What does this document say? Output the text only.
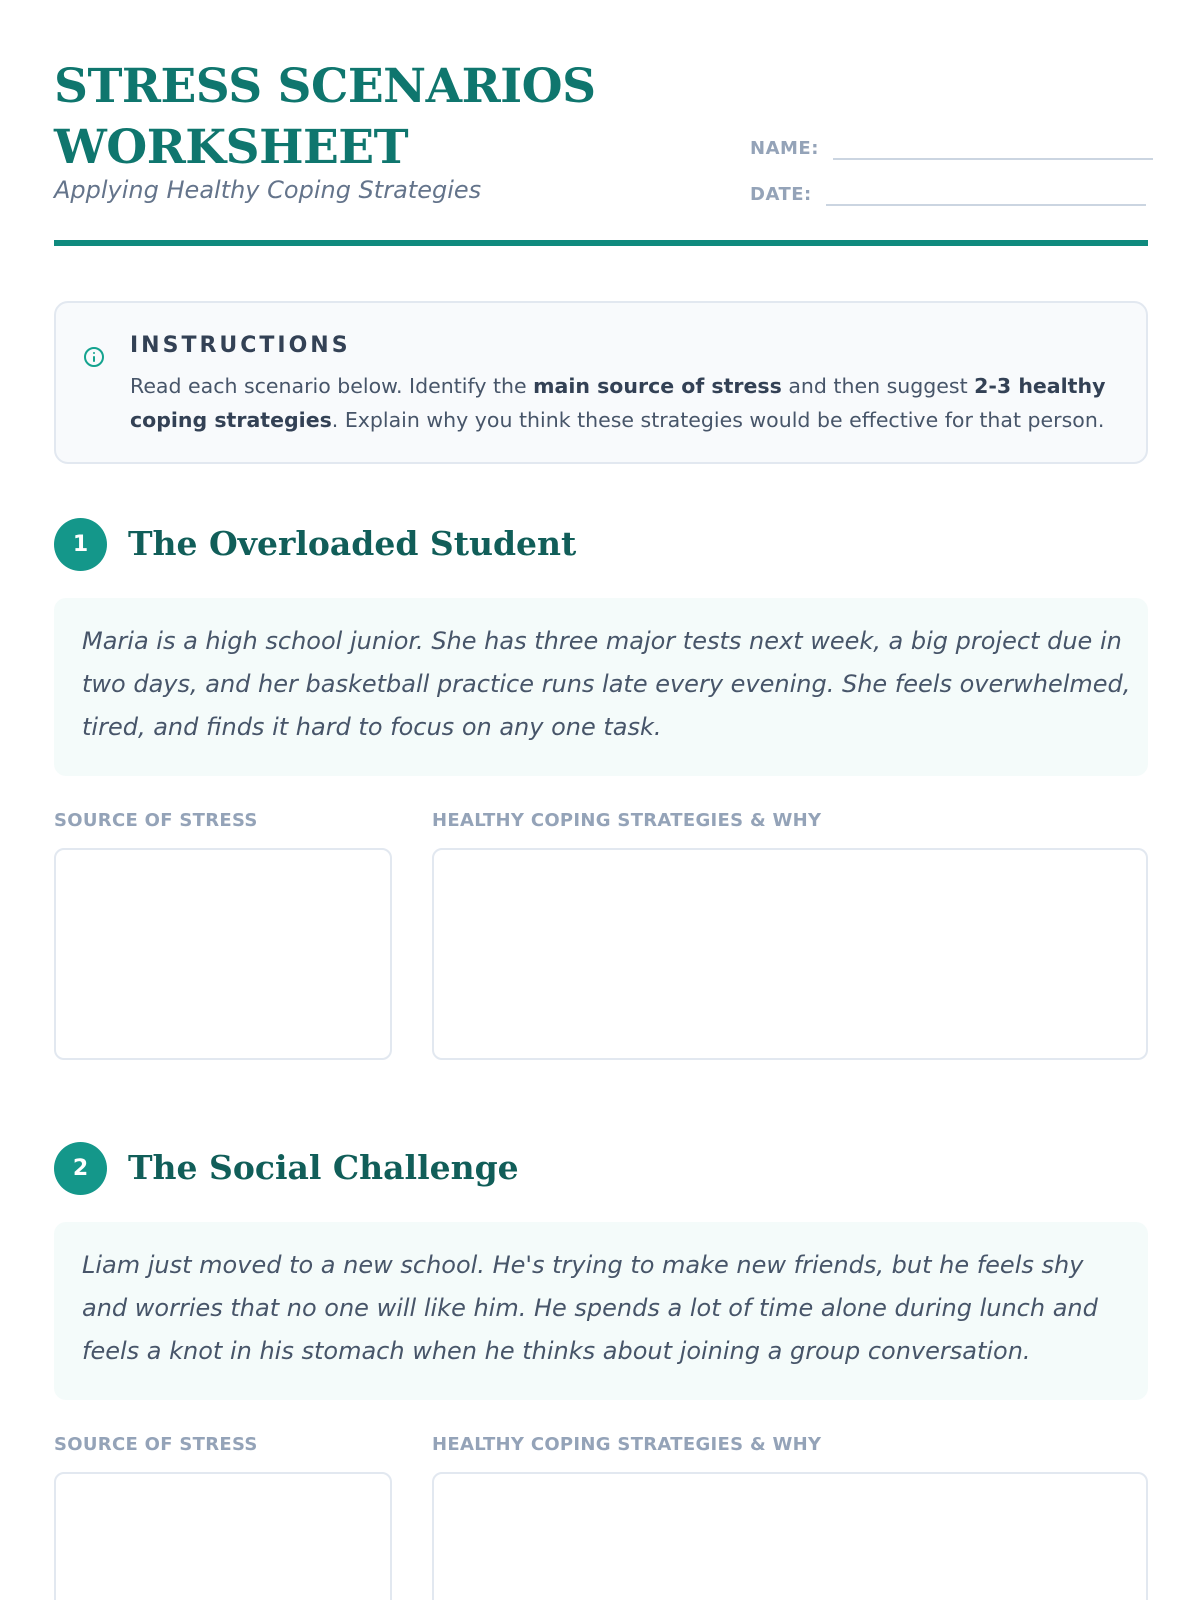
STRESS SCENARIOS WORKSHEET
Applying Healthy Coping Strategies
NAME:
DATE:
INSTRUCTIONS

Read each scenario below. Identify the main source of stress and then suggest 2-3 healthy coping strategies. Explain why you think these strategies would be effective for that person.

1	The Overloaded Student

Maria is a high school junior. She has three major tests next week, a big project due in two days, and her basketball practice runs late every evening. She feels overwhelmed, tired, and finds it hard to focus on any one task.

SOURCE OF STRESS	HEALTHY COPING STRATEGIES & WHY
2	The Social Challenge

Liam just moved to a new school. He's trying to make new friends, but he feels shy and worries that no one will like him. He spends a lot of time alone during lunch and feels a knot in his stomach when he thinks about joining a group conversation.

SOURCE OF STRESS	HEALTHY COPING STRATEGIES & WHY
